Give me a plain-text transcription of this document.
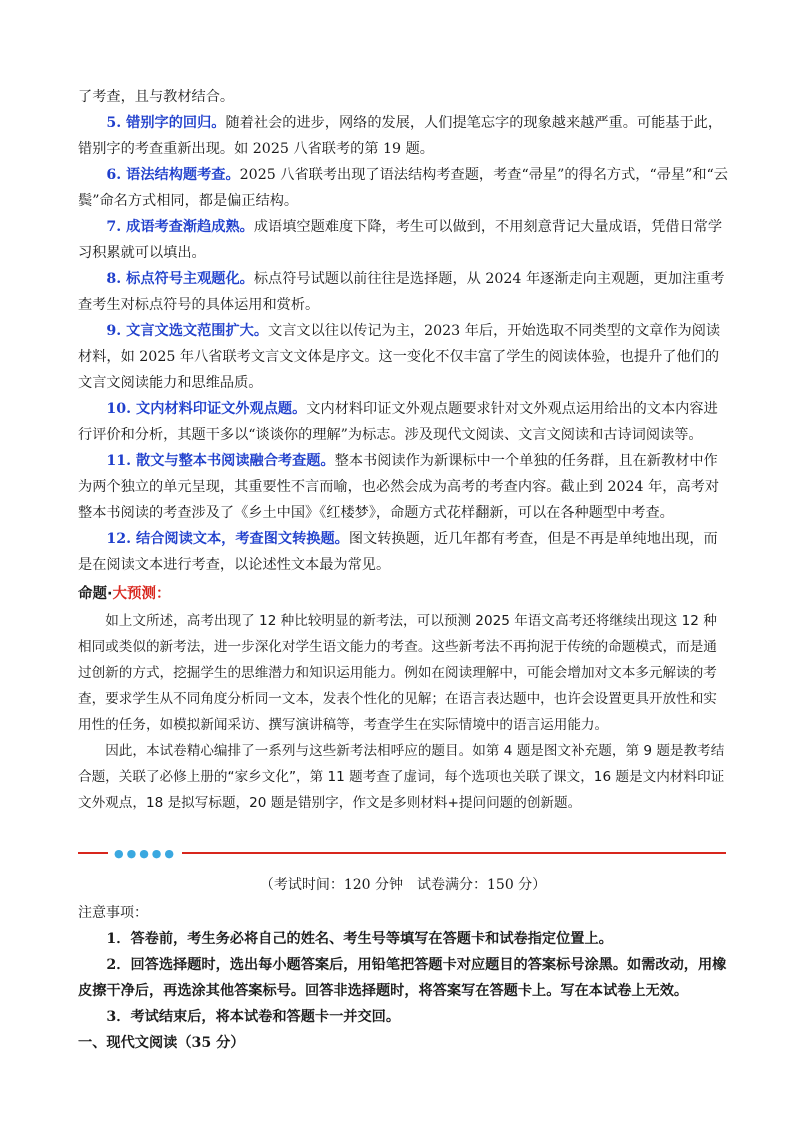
了考查，且与教材结合。

5. 错别字的回归。随着社会的进步，网络的发展，人们提笔忘字的现象越来越严重。可能基于此，错别字的考查重新出现。如 2025 八省联考的第 19 题。

6. 语法结构题考查。2025 八省联考出现了语法结构考查题，考查“帚星”的得名方式，“帚星”和“云鬓”命名方式相同，都是偏正结构。

7. 成语考查渐趋成熟。成语填空题难度下降，考生可以做到，不用刻意背记大量成语，凭借日常学习积累就可以填出。

8. 标点符号主观题化。标点符号试题以前往往是选择题，从 2024 年逐渐走向主观题，更加注重考查考生对标点符号的具体运用和赏析。

9. 文言文选文范围扩大。文言文以往以传记为主，2023 年后，开始选取不同类型的文章作为阅读材料，如 2025 年八省联考文言文文体是序文。这一变化不仅丰富了学生的阅读体验，也提升了他们的文言文阅读能力和思维品质。

10. 文内材料印证文外观点题。文内材料印证文外观点题要求针对文外观点运用给出的文本内容进行评价和分析，其题干多以“谈谈你的理解”为标志。涉及现代文阅读、文言文阅读和古诗词阅读等。

11. 散文与整本书阅读融合考查题。整本书阅读作为新课标中一个单独的任务群，且在新教材中作为两个独立的单元呈现，其重要性不言而喻，也必然会成为高考的考查内容。截止到 2024 年，高考对整本书阅读的考查涉及了《乡土中国》《红楼梦》，命题方式花样翻新，可以在各种题型中考查。

12. 结合阅读文本，考查图文转换题。图文转换题，近几年都有考查，但是不再是单纯地出现，而是在阅读文本进行考查，以论述性文本最为常见。

命题·大预测：

如上文所述，高考出现了 12 种比较明显的新考法，可以预测 2025 年语文高考还将继续出现这 12 种相同或类似的新考法，进一步深化对学生语文能力的考查。这些新考法不再拘泥于传统的命题模式，而是通过创新的方式，挖掘学生的思维潜力和知识运用能力。例如在阅读理解中，可能会增加对文本多元解读的考查，要求学生从不同角度分析同一文本，发表个性化的见解；在语言表达题中，也许会设置更具开放性和实用性的任务，如模拟新闻采访、撰写演讲稿等，考查学生在实际情境中的语言运用能力。

因此，本试卷精心编排了一系列与这些新考法相呼应的题目。如第 4 题是图文补充题，第 9 题是教考结合题，关联了必修上册的“家乡文化”，第 11 题考查了虚词，每个选项也关联了课文，16 题是文内材料印证文外观点，18 是拟写标题，20 题是错别字，作文是多则材料+提问问题的创新题。

●●●●●
（考试时间：120 分钟　试卷满分：150 分）

注意事项：

1．答卷前，考生务必将自己的姓名、考生号等填写在答题卡和试卷指定位置上。

2．回答选择题时，选出每小题答案后，用铅笔把答题卡对应题目的答案标号涂黑。如需改动，用橡皮擦干净后，再选涂其他答案标号。回答非选择题时，将答案写在答题卡上。写在本试卷上无效。

3．考试结束后，将本试卷和答题卡一并交回。

一、现代文阅读（35 分）
